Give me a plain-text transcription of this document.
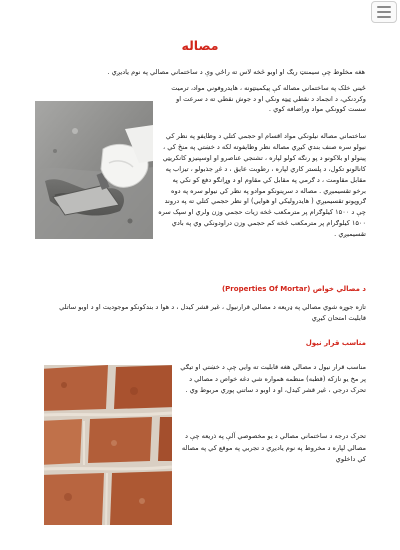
مصاله

هغه مخلوط چې سیمنټ ریګ او اوبو څخه لاس ته راځي وې د ساختماني مصالي په نوم یادیږي .

ځیني خلک په ساختماني مصاله کې پیکمینټونه ، هایدروفوني مواد، ترمیت وکردنکي، د انجماد د نقطي ټیټه ونکي او د جوش نقطي ته د سرعت او سست کوونکي مواد وراضافه کوي .

ساختماني مصاله نیلونکي مواد اقسام او حجمي کتلي د وظایفو په نظر کي نیولو سره صنف بندي کیږي مصاله نظر وظایفوته لکه د خښتي په منځ کي ، پینولو او بلاکونو د پو رنګه کولو لپاره ، تشنجي عناصرو او اوسپنیزو کانکریټي کانالونو تکول، د پلستر کاري لپاره ، رطوبت عایق ، د غږ جذبولو ، تیزاب په مقابل مقاومت ، د ګرمي په مقابل کي مقاوم او د وړانګو دفع کو نکي په برخو تقسیمیږي . مصاله د سرینونکو موادو په نظر کي نیولو سره په دوه ګروپونو تقسیمیږي ( هایدرولیکي او هوایي) او نظر حجمي کتلي ته په دروند چې د ۱۵۰۰ کیلوګرام پر مترمکعب څخه زیات حجمي وزن ولري او سپک سره ۱۵۰۰ کیلوګرام پر مترمکعب څخه کم حجمي وزن دراودونکي وي په بادي تقسیمیږي .

د مصالي خواص (Properties Of Mortar)

تازه جوړه شوي مصالي په ډریعه د مصالي قرارنیول ، غیر قشر کیدل ، د هوا د بندکونکو موجودیت او د اوبو ساتلي قابلیت امتحان کیږي

مناسب قرار نیول

مناسب قرار نیول د مصالي هغه قابلیت ته وایي چې د خښتي او تیګي پر مخ یو نازکه (قطبه) منظمه همواره شي دغه خواص د مصالي د تحرک درجي ، غیر قشر کیدل، او د اوبو د ساتني پوري مربوط وي .

تحرک درجه د ساختماني مصالي د یو مخصوصي آلې په ذریعه چې د مصالي لپاره د مخروط په نوم یادیږي د تجربي په موقع کي په مصاله کي داخلوي
